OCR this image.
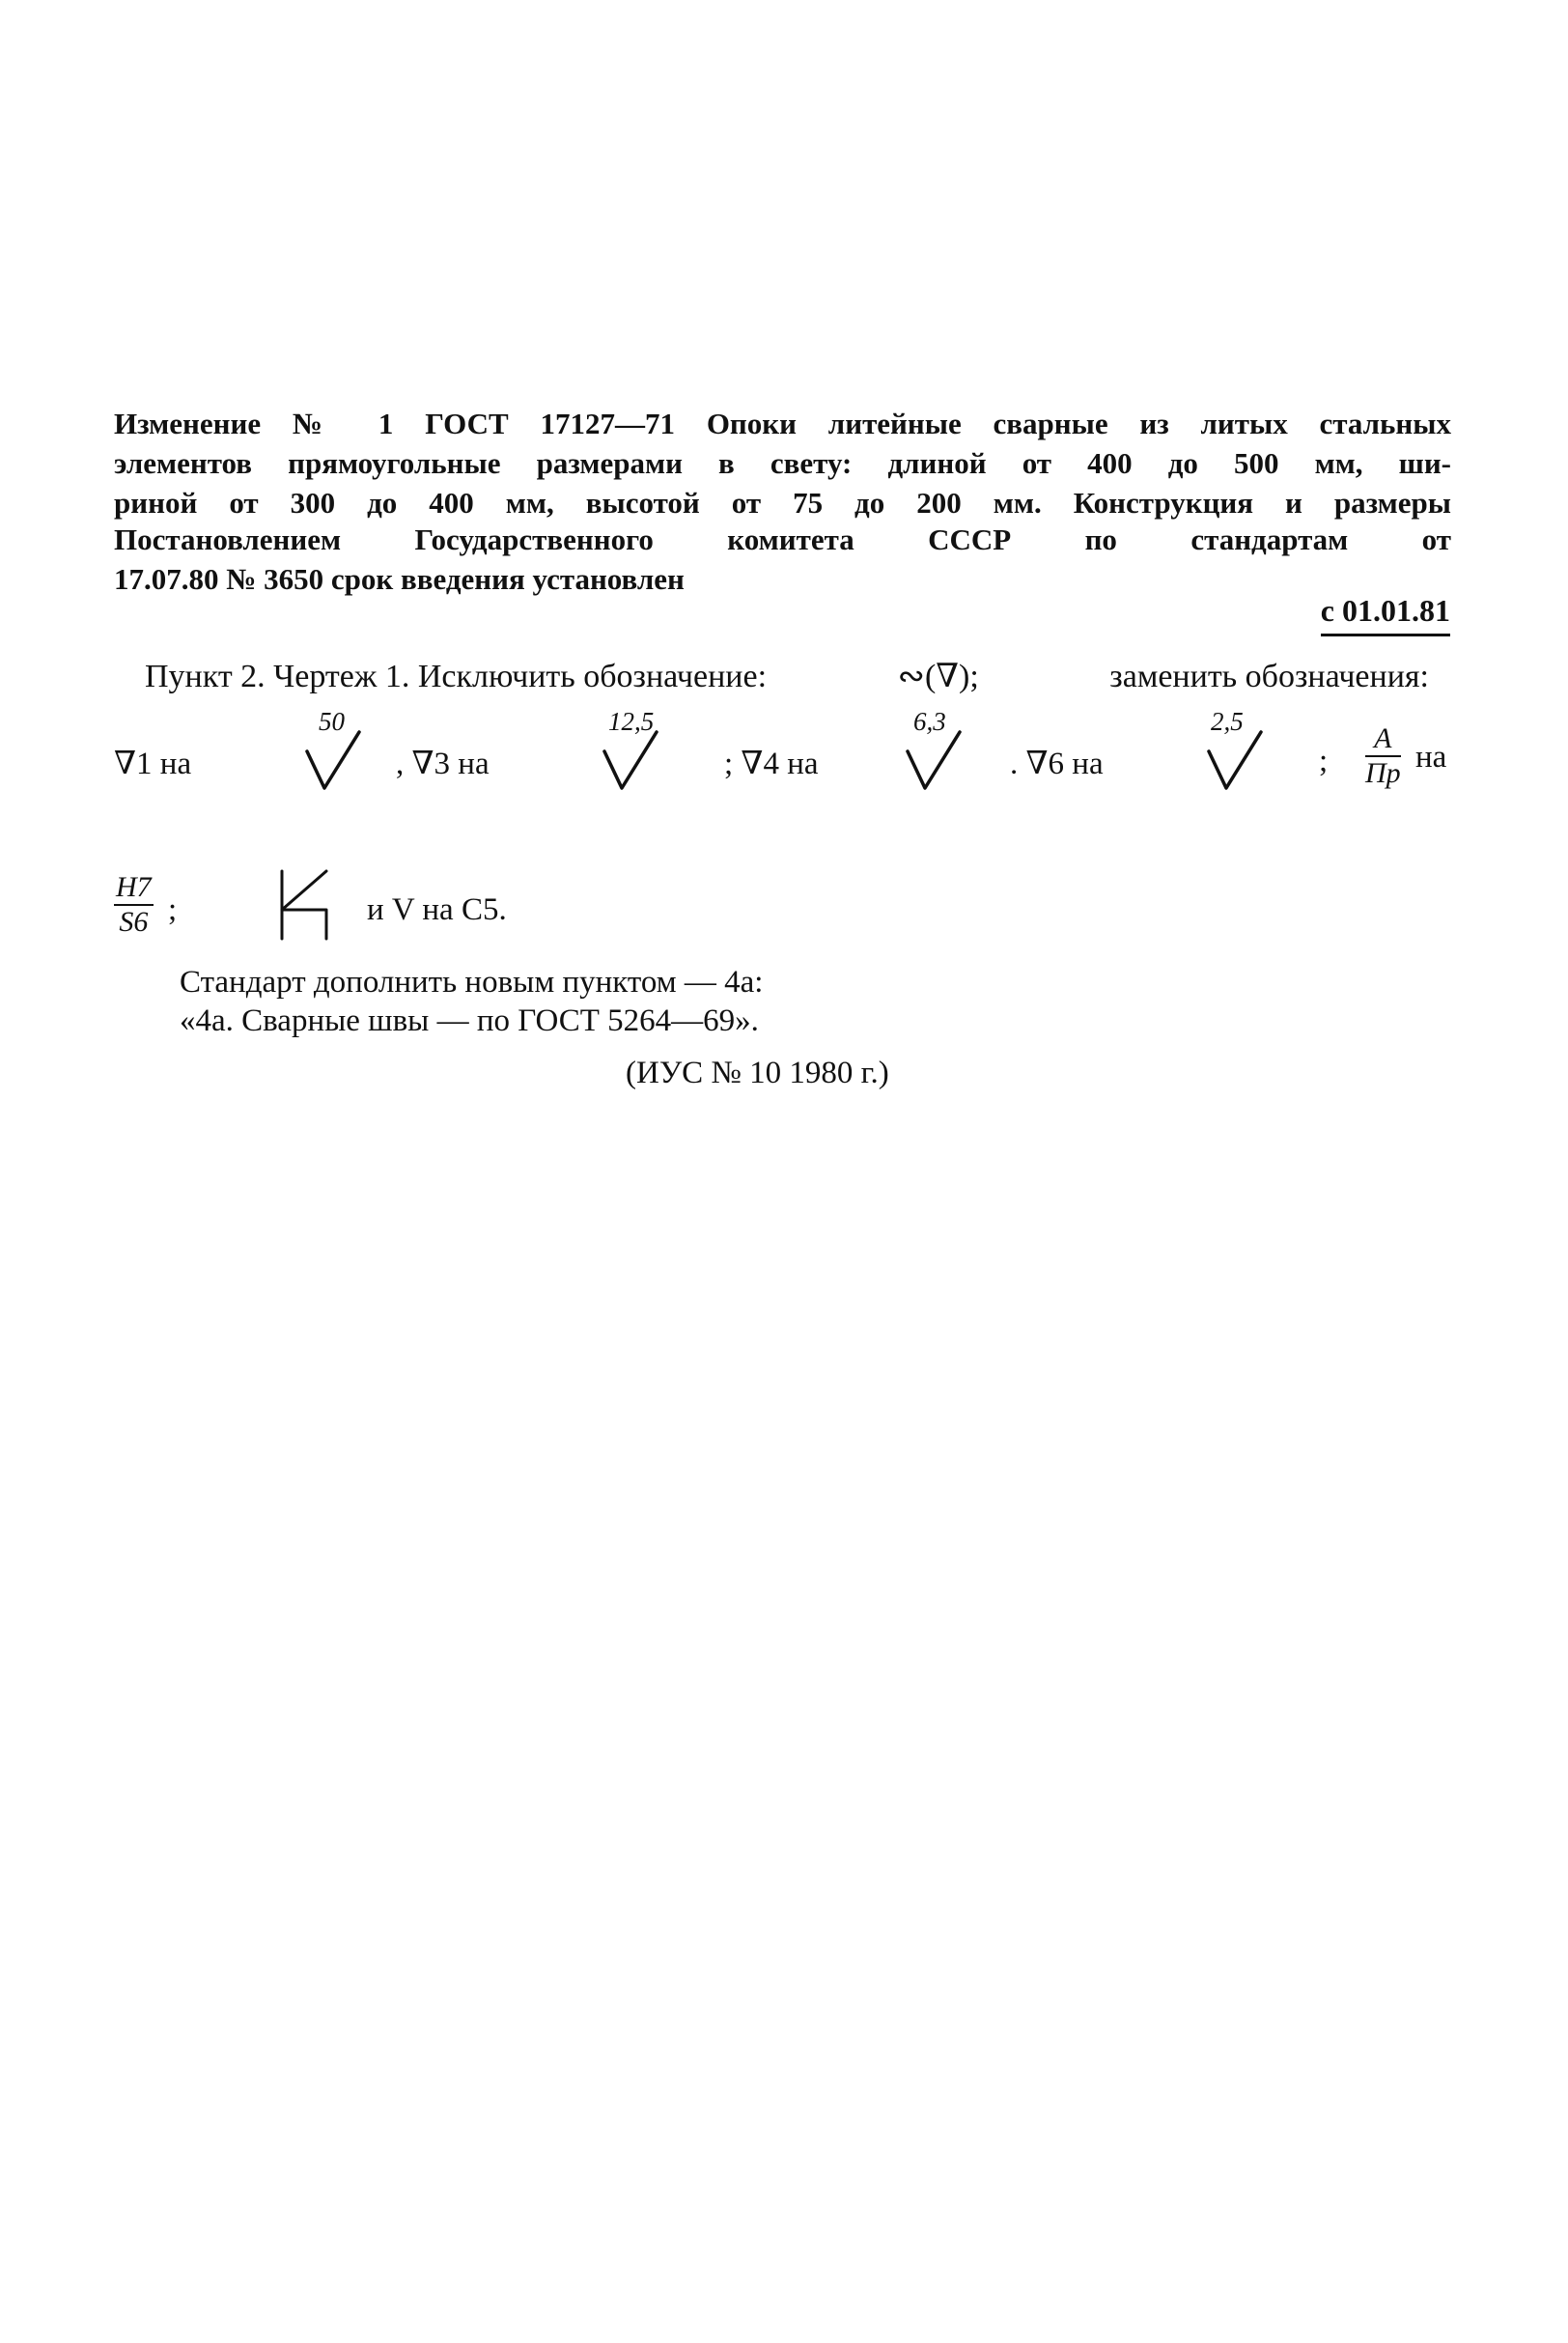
Изменение № 1 ГОСТ 17127—71 Опоки литейные сварные из литых стальных
элементов прямоугольные размерами в свету: длиной от 400 до 500 мм, ши-
риной от 300 до 400 мм, высотой от 75 до 200 мм. Конструкция и размеры
Постановлением Государственного комитета СССР по стандартам от
17.07.80 № 3650 срок введения установлен
с 01.01.81
Пункт 2. Чертеж 1. Исключить обозначение:	∾(∇);	заменить обозначения:
∇1 на
50
, ∇3 на
12,5
; ∇4 на
6,3
. ∇6 на
2,5
;
A
Пр на
$\frac{H7}{S6}$ ;	и V на C5.
Стандарт дополнить новым пунктом — 4а:
«4а. Сварные швы — по ГОСТ 5264—69».
(ИУС № 10 1980 г.)
